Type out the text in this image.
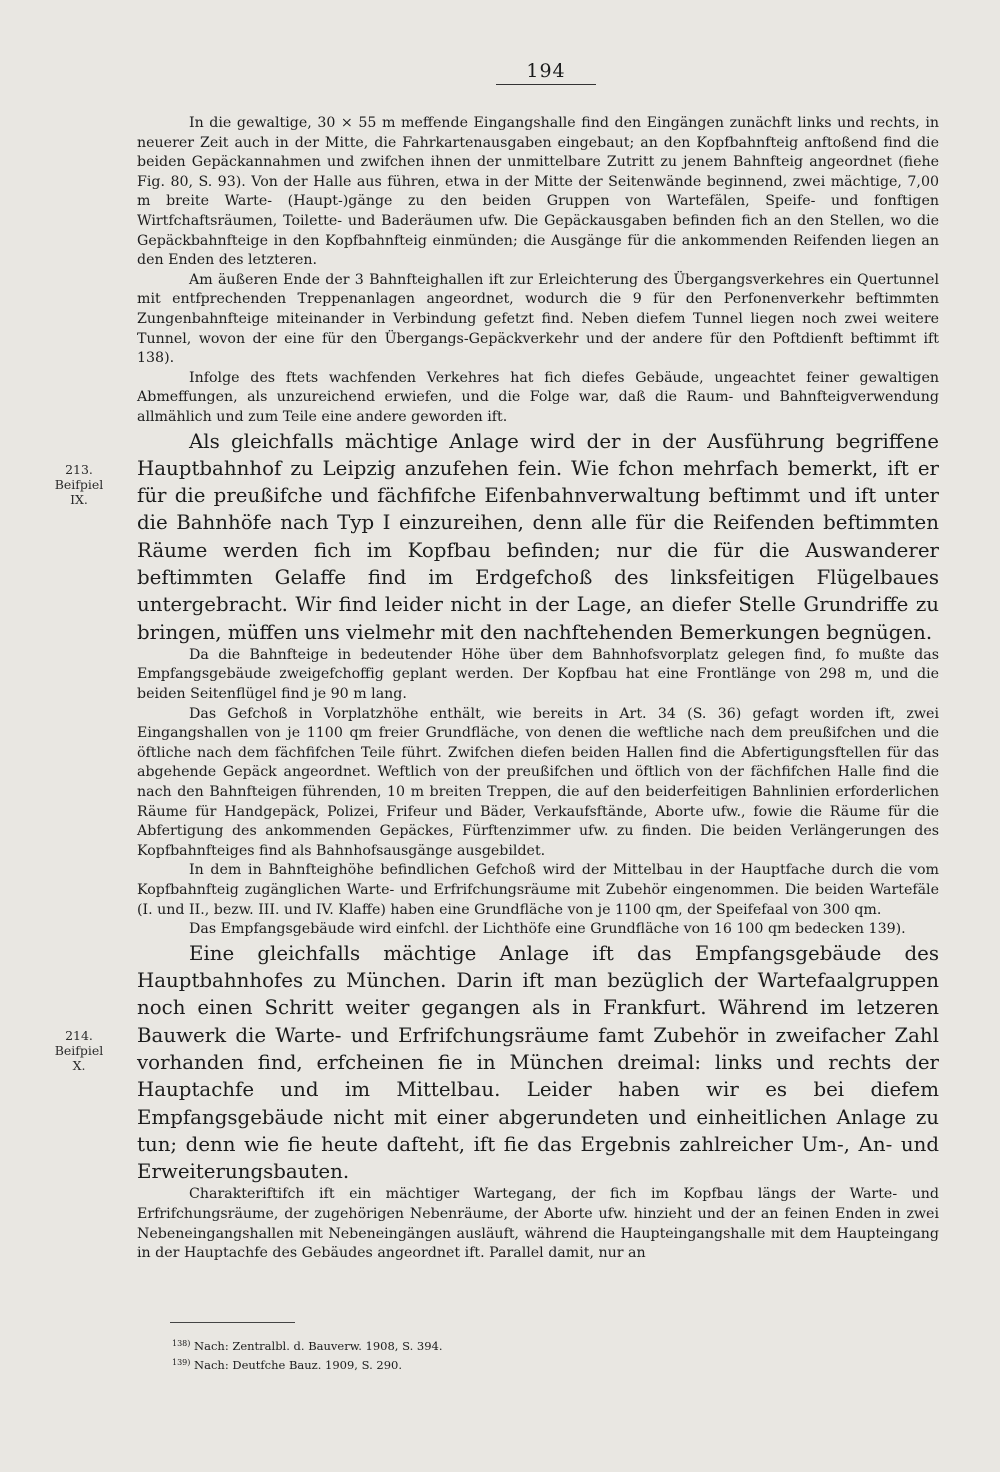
194
213.
Beifpiel
IX.
214.
Beifpiel
X.

In die gewaltige, 30 × 55 m meffende Eingangshalle find den Eingängen zunächft links und rechts, in neuerer Zeit auch in der Mitte, die Fahrkartenausgaben eingebaut; an den Kopfbahnfteig anftoßend find die beiden Gepäckannahmen und zwifchen ihnen der unmittelbare Zutritt zu jenem Bahnfteig angeordnet (fiehe Fig. 80, S. 93). Von der Halle aus führen, etwa in der Mitte der Seitenwände beginnend, zwei mächtige, 7,00 m breite Warte- (Haupt-)gänge zu den beiden Gruppen von Wartefälen, Speife- und fonftigen Wirtfchaftsräumen, Toilette- und Baderäumen ufw. Die Gepäckausgaben befinden fich an den Stellen, wo die Gepäckbahnfteige in den Kopfbahnfteig einmünden; die Ausgänge für die ankommenden Reifenden liegen an den Enden des letzteren.

Am äußeren Ende der 3 Bahnfteighallen ift zur Erleichterung des Übergangsverkehres ein Quertunnel mit entfprechenden Treppenanlagen angeordnet, wodurch die 9 für den Perfonenverkehr beftimmten Zungenbahnfteige miteinander in Verbindung gefetzt find. Neben diefem Tunnel liegen noch zwei weitere Tunnel, wovon der eine für den Übergangs-Gepäckverkehr und der andere für den Poftdienft beftimmt ift 138).

Infolge des ftets wachfenden Verkehres hat fich diefes Gebäude, ungeachtet feiner gewaltigen Abmeffungen, als unzureichend erwiefen, und die Folge war, daß die Raum- und Bahnfteigverwendung allmählich und zum Teile eine andere geworden ift.

Als gleichfalls mächtige Anlage wird der in der Ausführung begriffene Hauptbahnhof zu Leipzig anzufehen fein. Wie fchon mehrfach bemerkt, ift er für die preußifche und fächfifche Eifenbahnverwaltung beftimmt und ift unter die Bahnhöfe nach Typ I einzureihen, denn alle für die Reifenden beftimmten Räume werden fich im Kopfbau befinden; nur die für die Auswanderer beftimmten Gelaffe find im Erdgefchoß des linksfeitigen Flügelbaues untergebracht. Wir find leider nicht in der Lage, an diefer Stelle Grundriffe zu bringen, müffen uns vielmehr mit den nachftehenden Bemerkungen begnügen.

Da die Bahnfteige in bedeutender Höhe über dem Bahnhofsvorplatz gelegen find, fo mußte das Empfangsgebäude zweigefchoffig geplant werden. Der Kopfbau hat eine Frontlänge von 298 m, und die beiden Seitenflügel find je 90 m lang.

Das Gefchoß in Vorplatzhöhe enthält, wie bereits in Art. 34 (S. 36) gefagt worden ift, zwei Eingangshallen von je 1100 qm freier Grundfläche, von denen die weftliche nach dem preußifchen und die öftliche nach dem fächfifchen Teile führt. Zwifchen diefen beiden Hallen find die Abfertigungsftellen für das abgehende Gepäck angeordnet. Weftlich von der preußifchen und öftlich von der fächfifchen Halle find die nach den Bahnfteigen führenden, 10 m breiten Treppen, die auf den beiderfeitigen Bahnlinien erforderlichen Räume für Handgepäck, Polizei, Frifeur und Bäder, Verkaufsftände, Aborte ufw., fowie die Räume für die Abfertigung des ankommenden Gepäckes, Fürftenzimmer ufw. zu finden. Die beiden Verlängerungen des Kopfbahnfteiges find als Bahnhofsausgänge ausgebildet.

In dem in Bahnfteighöhe befindlichen Gefchoß wird der Mittelbau in der Hauptfache durch die vom Kopfbahnfteig zugänglichen Warte- und Erfrifchungsräume mit Zubehör eingenommen. Die beiden Wartefäle (I. und II., bezw. III. und IV. Klaffe) haben eine Grundfläche von je 1100 qm, der Speifefaal von 300 qm.

Das Empfangsgebäude wird einfchl. der Lichthöfe eine Grundfläche von 16 100 qm bedecken 139).

Eine gleichfalls mächtige Anlage ift das Empfangsgebäude des Hauptbahnhofes zu München. Darin ift man bezüglich der Wartefaalgruppen noch einen Schritt weiter gegangen als in Frankfurt. Während im letzeren Bauwerk die Warte- und Erfrifchungsräume famt Zubehör in zweifacher Zahl vorhanden find, erfcheinen fie in München dreimal: links und rechts der Hauptachfe und im Mittelbau. Leider haben wir es bei diefem Empfangsgebäude nicht mit einer abgerundeten und einheitlichen Anlage zu tun; denn wie fie heute dafteht, ift fie das Ergebnis zahlreicher Um-, An- und Erweiterungsbauten.

Charakteriftifch ift ein mächtiger Wartegang, der fich im Kopfbau längs der Warte- und Erfrifchungsräume, der zugehörigen Nebenräume, der Aborte ufw. hinzieht und der an feinen Enden in zwei Nebeneingangshallen mit Nebeneingängen ausläuft, während die Haupteingangshalle mit dem Haupteingang in der Hauptachfe des Gebäudes angeordnet ift. Parallel damit, nur an

$^{138)}$ Nach: Zentralbl. d. Bauverw. 1908, S. 394.
$^{139)}$ Nach: Deutfche Bauz. 1909, S. 290.
